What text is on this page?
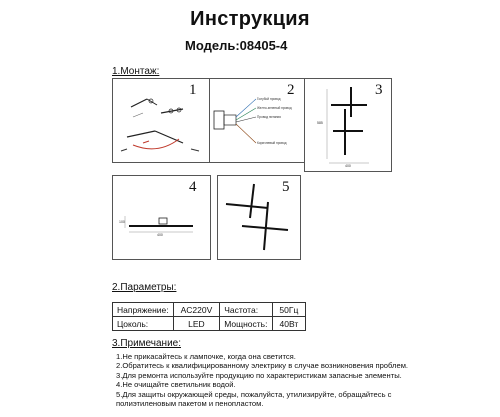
Инструкция
Модель:08405-4
1.Монтаж:
1	2
Голубой провод
Желто-зеленый провод
Провод питания
Коричневый провод
3
585
400
4
100
400
5
2.Параметры:
Напряжение:	AC220V	Частота:	50Гц
Цоколь:	LED	Мощность:	40Вт
3.Примечание:
1.Не прикасайтесь к лампочке, когда она светится.
2.Обратитесь к квалифицированному электрику в случае возникновения проблем.
3.Для ремонта используйте продукцию по характеристикам запасные элементы.
4.Не очищайте светильник водой.
5.Для защиты окружающей среды, пожалуйста, утилизируйте, обращайтесь с
полиэтиленовым пакетом и пенопластом.
